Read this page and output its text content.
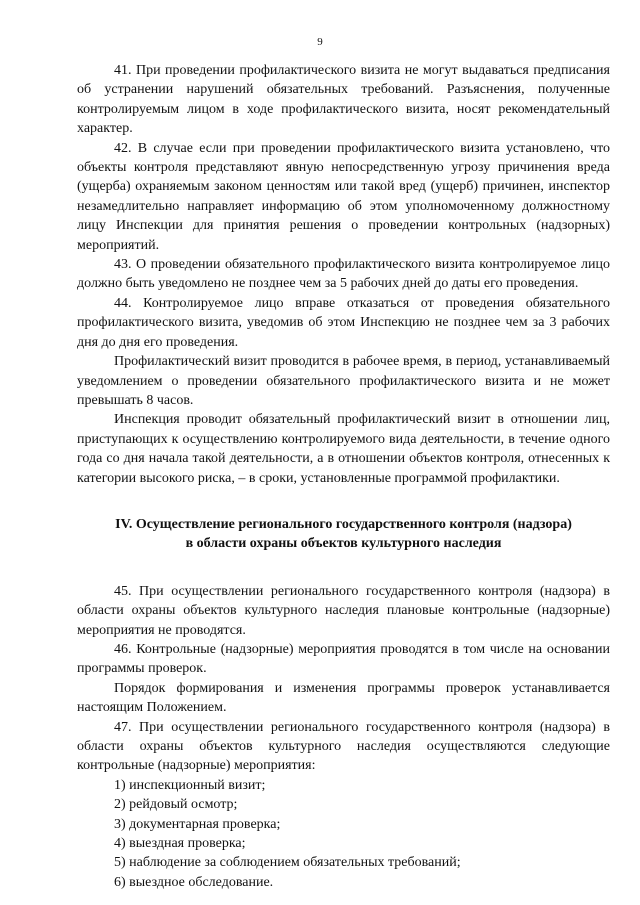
9

41. При проведении профилактического визита не могут выдаваться предписания об устранении нарушений обязательных требований. Разъяснения, полученные контролируемым лицом в ходе профилактического визита, носят рекомендательный характер.

42. В случае если при проведении профилактического визита установлено, что объекты контроля представляют явную непосредственную угрозу причинения вреда (ущерба) охраняемым законом ценностям или такой вред (ущерб) причинен, инспектор незамедлительно направляет информацию об этом уполномоченному должностному лицу Инспекции для принятия решения о проведении контрольных (надзорных) мероприятий.

43. О проведении обязательного профилактического визита контролируемое лицо должно быть уведомлено не позднее чем за 5 рабочих дней до даты его проведения.

44. Контролируемое лицо вправе отказаться от проведения обязательного профилактического визита, уведомив об этом Инспекцию не позднее чем за 3 рабочих дня до дня его проведения.

Профилактический визит проводится в рабочее время, в период, устанавливаемый уведомлением о проведении обязательного профилактического визита и не может превышать 8 часов.

Инспекция проводит обязательный профилактический визит в отношении лиц, приступающих к осуществлению контролируемого вида деятельности, в течение одного года со дня начала такой деятельности, а в отношении объектов контроля, отнесенных к категории высокого риска, – в сроки, установленные программой профилактики.

IV. Осуществление регионального государственного контроля (надзора)
в области охраны объектов культурного наследия

45. При осуществлении регионального государственного контроля (надзора) в области охраны объектов культурного наследия плановые контрольные (надзорные) мероприятия не проводятся.

46. Контрольные (надзорные) мероприятия проводятся в том числе на основании программы проверок.

Порядок формирования и изменения программы проверок устанавливается настоящим Положением.

47. При осуществлении регионального государственного контроля (надзора) в области охраны объектов культурного наследия осуществляются следующие контрольные (надзорные) мероприятия:

1) инспекционный визит;
2) рейдовый осмотр;
3) документарная проверка;
4) выездная проверка;
5) наблюдение за соблюдением обязательных требований;
6) выездное обследование.
